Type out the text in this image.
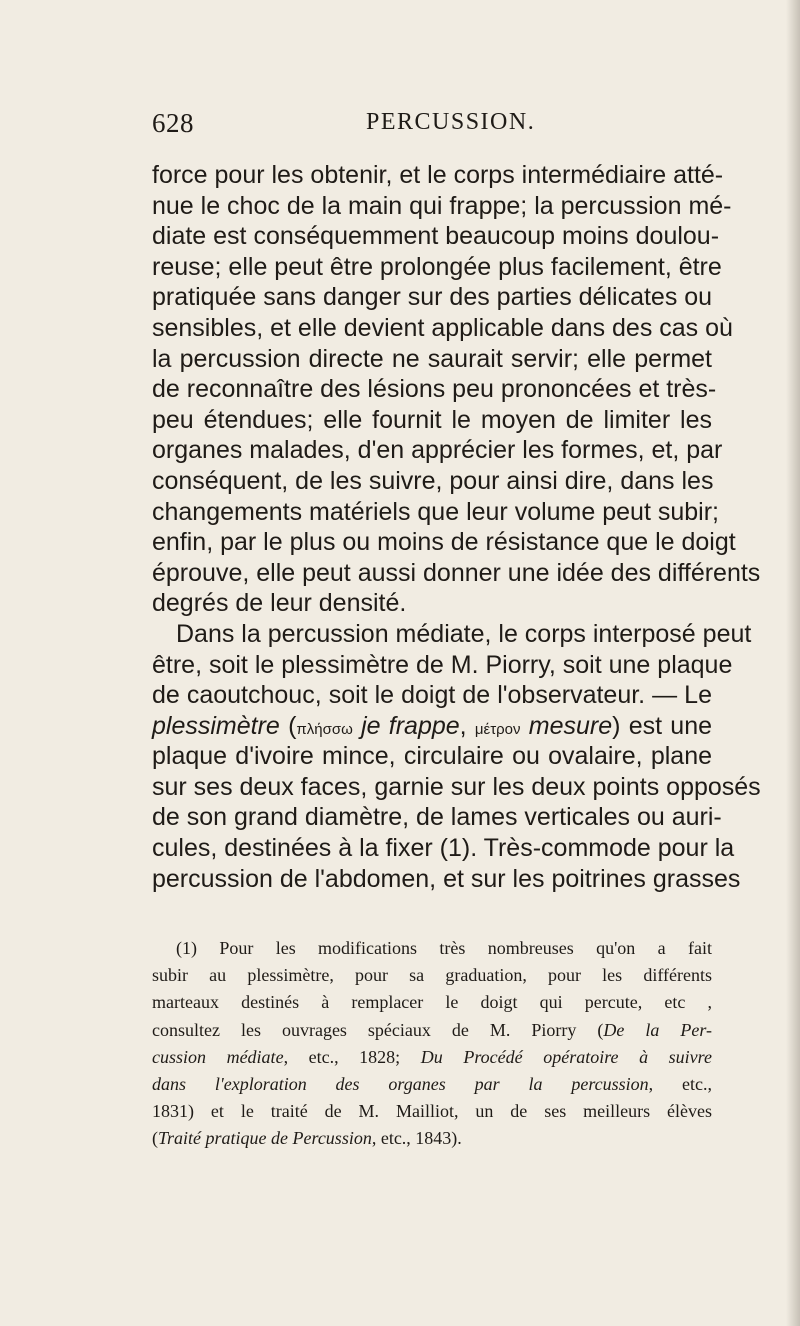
628	PERCUSSION.
force pour les obtenir, et le corps intermédiaire atté-
nue le choc de la main qui frappe; la percussion mé-
diate est conséquemment beaucoup moins doulou-
reuse; elle peut être prolongée plus facilement, être
pratiquée sans danger sur des parties délicates ou
sensibles, et elle devient applicable dans des cas où
la percussion directe ne saurait servir; elle permet
de reconnaître des lésions peu prononcées et très-
peu étendues; elle fournit le moyen de limiter les
organes malades, d'en apprécier les formes, et, par
conséquent, de les suivre, pour ainsi dire, dans les
changements matériels que leur volume peut subir;
enfin, par le plus ou moins de résistance que le doigt
éprouve, elle peut aussi donner une idée des différents
degrés de leur densité.
Dans la percussion médiate, le corps interposé peut
être, soit le plessimètre de M. Piorry, soit une plaque
de caoutchouc, soit le doigt de l'observateur. — Le
plessimètre (πλήσσω je frappe, μέτρον mesure) est une
plaque d'ivoire mince, circulaire ou ovalaire, plane
sur ses deux faces, garnie sur les deux points opposés
de son grand diamètre, de lames verticales ou auri-
cules, destinées à la fixer (1). Très-commode pour la
percussion de l'abdomen, et sur les poitrines grasses
(1) Pour les modifications très nombreuses qu'on a fait
subir au plessimètre, pour sa graduation, pour les différents
marteaux destinés à remplacer le doigt qui percute, etc ,
consultez les ouvrages spéciaux de M. Piorry (De la Per-
cussion médiate, etc., 1828; Du Procédé opératoire à suivre
dans l'exploration des organes par la percussion, etc.,
1831) et le traité de M. Mailliot, un de ses meilleurs élèves
(Traité pratique de Percussion, etc., 1843).
